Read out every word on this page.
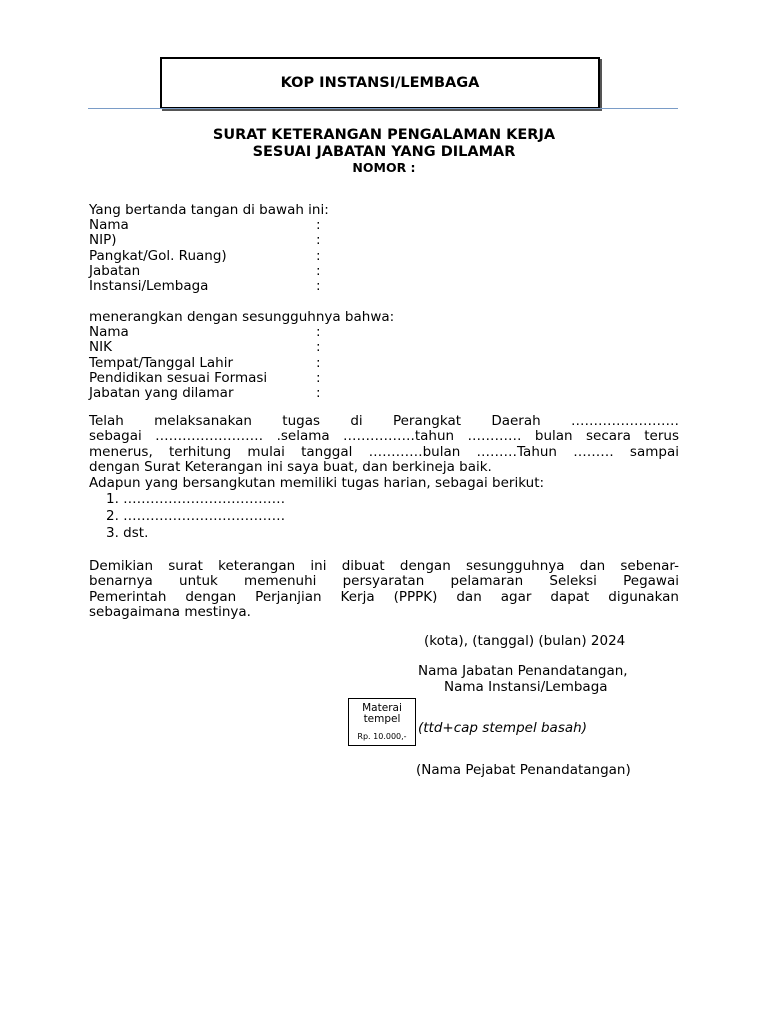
KOP INSTANSI/LEMBAGA
SURAT KETERANGAN PENGALAMAN KERJA
SESUAI JABATAN YANG DILAMAR
NOMOR :
Yang bertanda tangan di bawah ini:
Nama	:
NIP)	:
Pangkat/Gol. Ruang)	:
Jabatan	:
Instansi/Lembaga	:
menerangkan dengan sesungguhnya bahwa:
Nama	:
NIK	:
Tempat/Tanggal Lahir	:
Pendidikan sesuai Formasi	:
Jabatan yang dilamar	:
Telah melaksanakan tugas di Perangkat Daerah ……………………
sebagai …………………… .selama …………….tahun ………… bulan secara terus
menerus, terhitung mulai tanggal …………bulan ………Tahun ……… sampai
dengan Surat Keterangan ini saya buat, dan berkineja baik.
Adapun yang bersangkutan memiliki tugas harian, sebagai berikut:
1. ………………………………
2. ………………………………
3. dst.
Demikian surat keterangan ini dibuat dengan sesungguhnya dan sebenar-
benarnya untuk memenuhi persyaratan pelamaran Seleksi Pegawai
Pemerintah dengan Perjanjian Kerja (PPPK) dan agar dapat digunakan
sebagaimana mestinya.
(kota), (tanggal) (bulan) 2024
Nama Jabatan Penandatangan,
Nama Instansi/Lembaga
Materai
tempel
Rp. 10.000,-
(ttd+cap stempel basah)
(Nama Pejabat Penandatangan)
